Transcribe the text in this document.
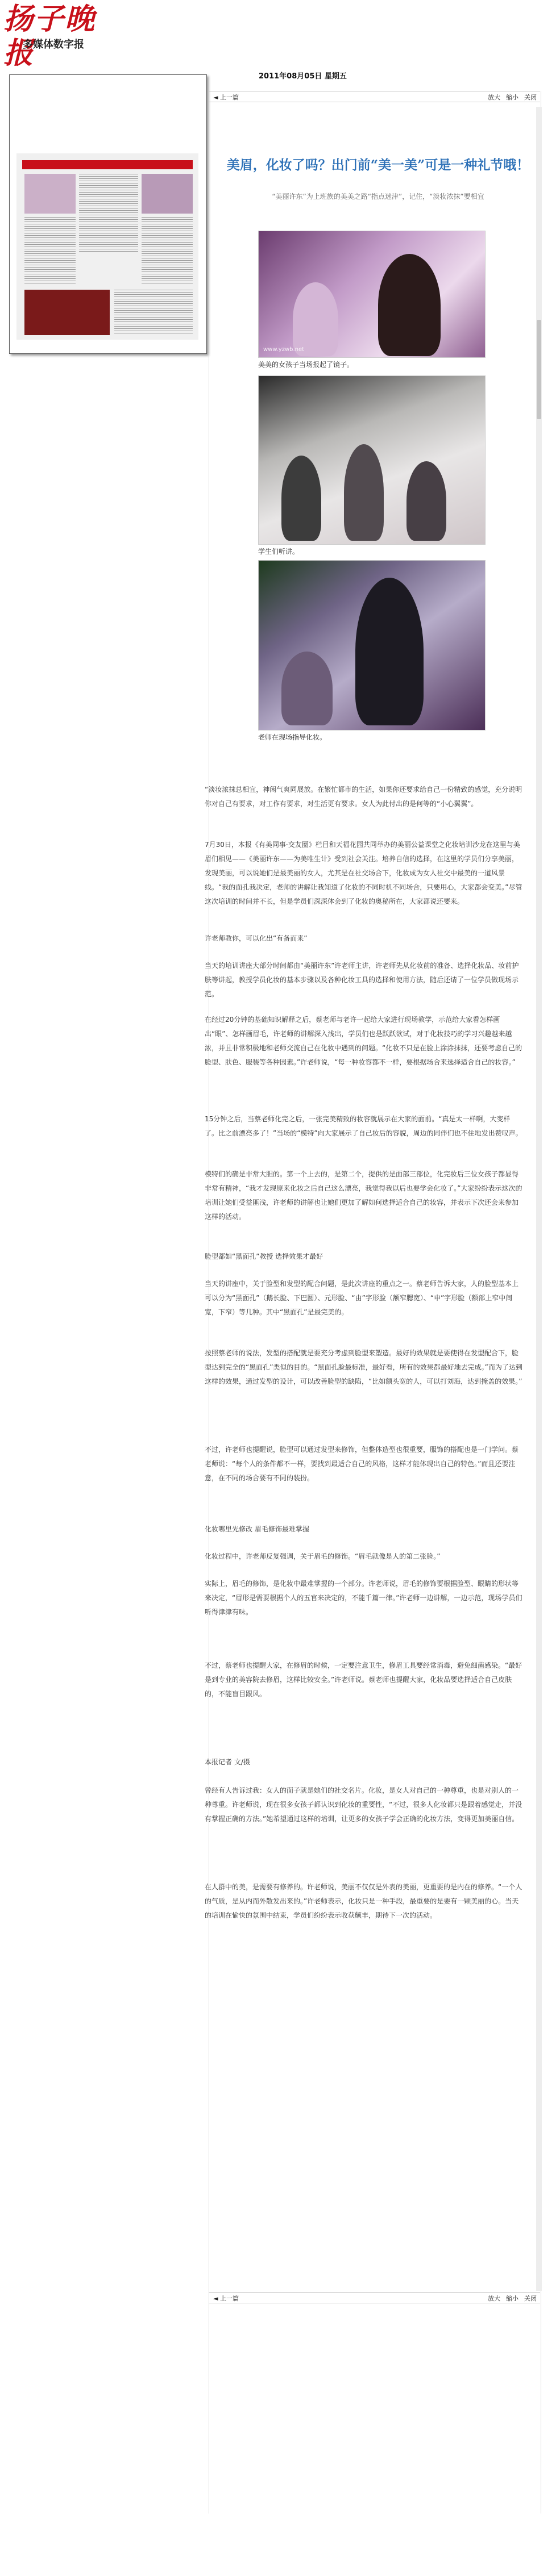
扬子晚报
多媒体数字报
2011年08月05日 星期五
◄ 上一篇	放大 缩小 关闭
美眉，化妆了吗？出门前“美一美”可是一种礼节哦！
“美丽许东”为上班族的美美之路“指点迷津”，记住，“淡妆浓抹”要相宜
www.yzwb.net
美美的女孩子当场报起了镜子。
学生们听讲。
老师在现场指导化妆。

“淡妆浓抹总相宜，神闲气爽同展放。在繁忙都市的生活，如果你还要求给自己一份精致的感觉，充分说明你对自己有要求，对工作有要求，对生活更有要求。女人为此付出的是何等的“小心翼翼”。

7月30日，本报《有美同事·交友圈》栏目和天福花园共同举办的美丽公益课堂之化妆培训沙龙在这里与美眉们相见——《美丽许东——为美唯生计》受到社会关注。培养自信的选择，在这里的学员们分享美丽，发现美丽，可以说她们是最美丽的女人，尤其是在社交场合下，化妆成为女人社交中最美的一道风景线。“我的面孔我决定，老师的讲解让我知道了化妆的不同时机不同场合，只要用心，大家都会变美。”尽管这次培训的时间并不长，但是学员们深深体会到了化妆的奥秘所在，大家都说还要来。

许老师教你，可以化出“有备而来”

当天的培训讲座大部分时间都由“美丽许东”许老师主讲，许老师先从化妆前的准备、选择化妆品、妆前护肤等讲起，教授学员化妆的基本步骤以及各种化妆工具的选择和使用方法，随后还请了一位学员做现场示范。

在经过20分钟的基础知识解释之后，蔡老师与老许一起给大家进行现场教学，示范给大家看怎样画出“眼”、怎样画眉毛，许老师的讲解深入浅出，学员们也是跃跃欲试，对于化妆技巧的学习兴趣越来越浓，并且非常积极地和老师交流自己在化妆中遇到的问题。“化妆不只是在脸上涂涂抹抹，还要考虑自己的脸型、肤色、服装等各种因素。”许老师说，“每一种妆容都不一样，要根据场合来选择适合自己的妆容。”

15分钟之后，当蔡老师化完之后，一张完美精致的妆容就展示在大家的面前。“真是太一样啊，大变样了。比之前漂亮多了！”当场的“模特”向大家展示了自己妆后的容貌，周边的同伴们也不住地发出赞叹声。

模特们的确是非常大胆的。第一个上去的，是第二个，提供的是面部三部位，化完妆后三位女孩子都显得非常有精神，“我才发现原来化妆之后自己这么漂亮，我觉得我以后也要学会化妆了。”大家纷纷表示这次的培训让她们受益匪浅，许老师的讲解也让她们更加了解如何选择适合自己的妆容，并表示下次还会来参加这样的活动。

脸型都如“黑面孔”教授 选择效果才最好

当天的讲座中，关于脸型和发型的配合问题，是此次讲座的重点之一。蔡老师告诉大家，人的脸型基本上可以分为“黑面孔”（鹅长脸、下巴圆）、元形脸、“由”字形脸（额窄腮宽）、“申”字形脸（额部上窄中间宽，下窄）等几种。其中“黑面孔”是最完美的。

按照蔡老师的说法，发型的搭配就是要充分考虑到脸型来塑造。最好的效果就是要使得在发型配合下，脸型达到完全的“黑面孔”类似的目的。“黑面孔脸最标准，最好看，所有的效果都最好地去完成。”而为了达到这样的效果，通过发型的设计，可以改善脸型的缺陷，“比如额头宽的人，可以打刘海，达到掩盖的效果。”

不过，许老师也提醒说，脸型可以通过发型来修饰，但整体造型也很重要，服饰的搭配也是一门学问。蔡老师说：“每个人的条件都不一样，要找到最适合自己的风格，这样才能体现出自己的特色。”而且还要注意，在不同的场合要有不同的装扮。

化妆哪里先修改 眉毛修饰最难掌握

化妆过程中，许老师反复强调，关于眉毛的修饰。“眉毛就像是人的第二张脸。”

实际上，眉毛的修饰，是化妆中最难掌握的一个部分。许老师说，眉毛的修饰要根据脸型、眼睛的形状等来决定，“眉形是需要根据个人的五官来决定的，不能千篇一律。”许老师一边讲解，一边示范，现场学员们听得津津有味。

不过，蔡老师也提醒大家，在修眉的时候，一定要注意卫生，修眉工具要经常消毒，避免细菌感染。“最好是到专业的美容院去修眉，这样比较安全。”许老师说。蔡老师也提醒大家，化妆品要选择适合自己皮肤的，不能盲目跟风。

本报记者 文/摄

曾经有人告诉过我：女人的面子就是她们的社交名片。化妆，是女人对自己的一种尊重，也是对别人的一种尊重。许老师说，现在很多女孩子都认识到化妆的重要性，“不过，很多人化妆都只是跟着感觉走，并没有掌握正确的方法。”她希望通过这样的培训，让更多的女孩子学会正确的化妆方法，变得更加美丽自信。

在人群中的美，是需要有修养的。许老师说，美丽不仅仅是外表的美丽，更重要的是内在的修养。“一个人的气质，是从内而外散发出来的。”许老师表示，化妆只是一种手段，最重要的是要有一颗美丽的心。当天的培训在愉快的氛围中结束，学员们纷纷表示收获颇丰，期待下一次的活动。

◄ 上一篇	放大 缩小 关闭
